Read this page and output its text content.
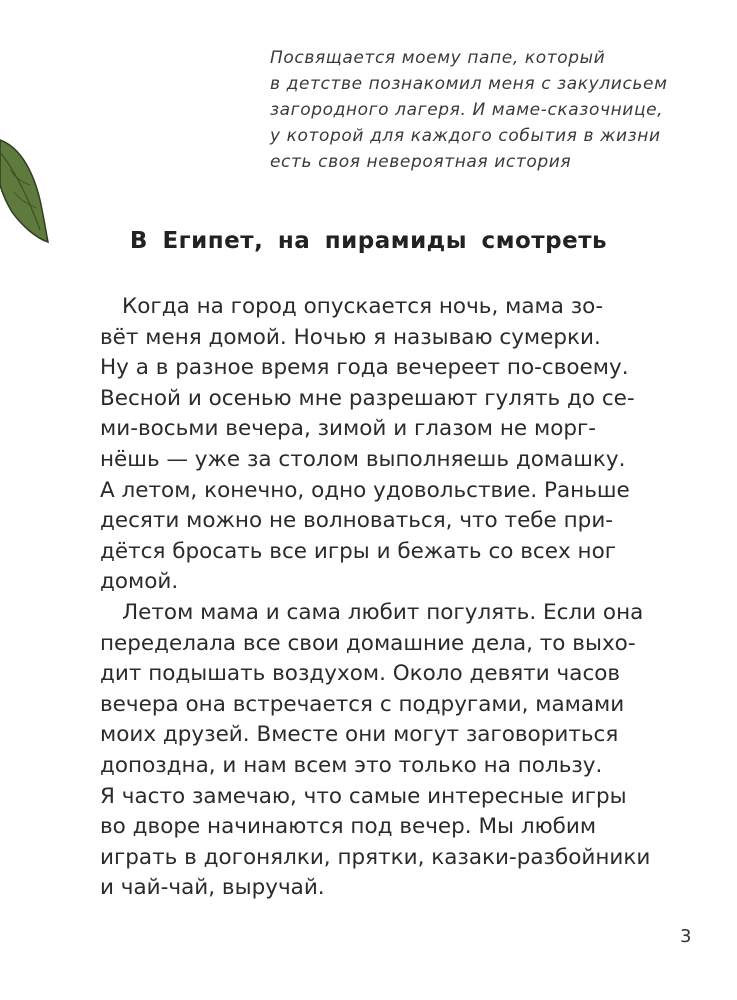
Посвящается моему папе, который
в детстве познакомил меня с закулисьем
загородного лагеря. И маме-сказочнице,
у которой для каждого события в жизни
есть своя невероятная история
В Египет, на пирамиды смотреть
Когда на город опускается ночь, мама зо-
вёт меня домой. Ночью я называю сумерки.
Ну а в разное время года вечереет по-своему.
Весной и осенью мне разрешают гулять до се-
ми-восьми вечера, зимой и глазом не морг-
нёшь — уже за столом выполняешь домашку.
А летом, конечно, одно удовольствие. Раньше
десяти можно не волноваться, что тебе при-
дётся бросать все игры и бежать со всех ног
домой.
Летом мама и сама любит погулять. Если она
переделала все свои домашние дела, то выхо-
дит подышать воздухом. Около девяти часов
вечера она встречается с подругами, мамами
моих друзей. Вместе они могут заговориться
допоздна, и нам всем это только на пользу.
Я часто замечаю, что самые интересные игры
во дворе начинаются под вечер. Мы любим
играть в догонялки, прятки, казаки-разбойники
и чай-чай, выручай.
3
